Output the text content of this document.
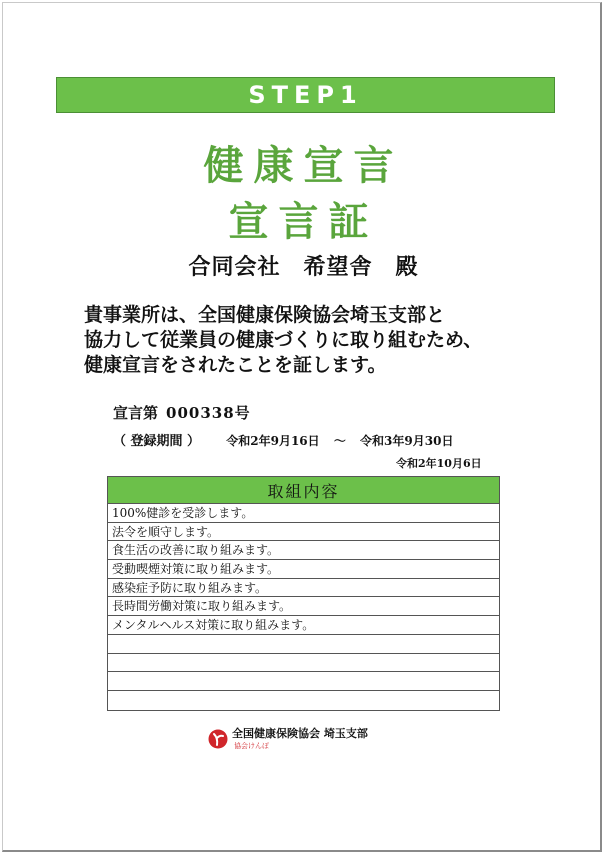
STEP1
健康宣言
宣言証
合同会社　希望舎　殿
貴事業所は、全国健康保険協会埼玉支部と
協力して従業員の健康づくりに取り組むため、
健康宣言をされたことを証します。
宣言第 000338号
（ 登録期間 ） 令和2年9月16日 ～ 令和3年9月30日
令和2年10月6日
取組内容
100%健診を受診します。
法令を順守します。
食生活の改善に取り組みます。
受動喫煙対策に取り組みます。
感染症予防に取り組みます。
長時間労働対策に取り組みます。
メンタルヘルス対策に取り組みます。
全国健康保険協会 埼玉支部
協会けんぽ
